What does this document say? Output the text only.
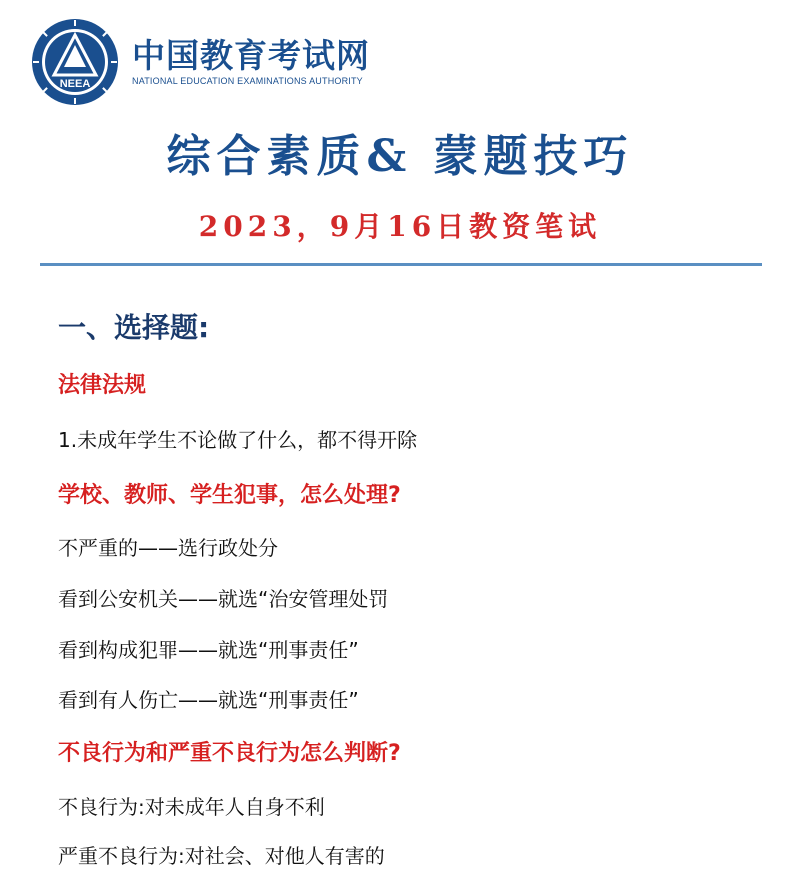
NEEA
中国教育考试网
NATIONAL EDUCATION EXAMINATIONS AUTHORITY
综合素质& 蒙题技巧
2023，9月16日教资笔试
一、选择题:
法律法规
1.未成年学生不论做了什么，都不得开除
学校、教师、学生犯事，怎么处理?
不严重的——选行政处分
看到公安机关——就选“治安管理处罚
看到构成犯罪——就选“刑事责任”
看到有人伤亡——就选“刑事责任”
不良行为和严重不良行为怎么判断?
不良行为:对未成年人自身不利
严重不良行为:对社会、对他人有害的
